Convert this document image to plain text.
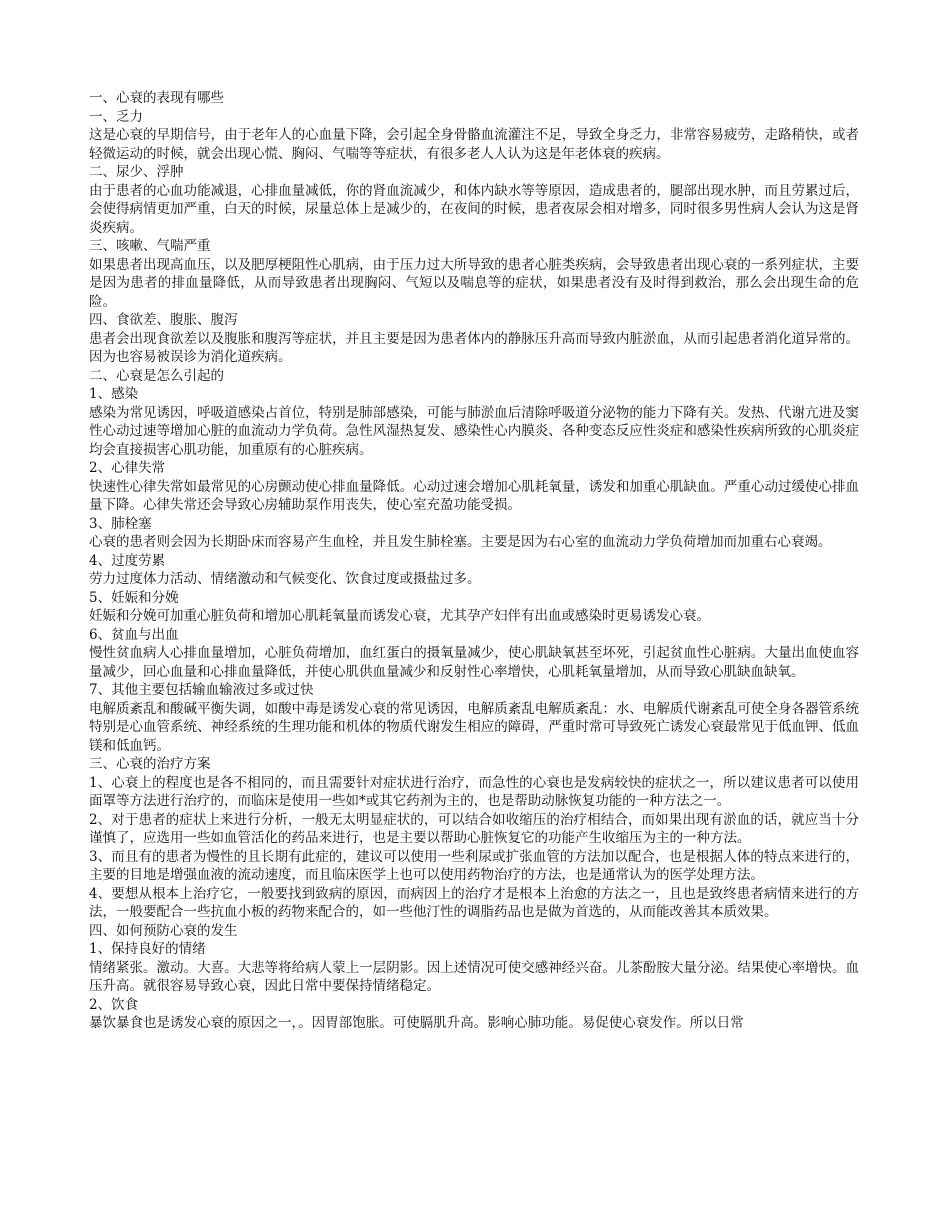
一、心衰的表现有哪些

一、乏力

这是心衰的早期信号，由于老年人的心血量下降，会引起全身骨骼血流灌注不足，导致全身乏力，非常容易疲劳，走路稍快，或者轻微运动的时候，就会出现心慌、胸闷、气喘等等症状，有很多老人人认为这是年老体衰的疾病。

二、尿少、浮肿

由于患者的心血功能减退，心排血量减低，你的肾血流减少，和体内缺水等等原因，造成患者的，腿部出现水肿，而且劳累过后，会使得病情更加严重，白天的时候，尿量总体上是减少的，在夜间的时候，患者夜尿会相对增多，同时很多男性病人会认为这是肾炎疾病。

三、咳嗽、气喘严重

如果患者出现高血压，以及肥厚梗阻性心肌病，由于压力过大所导致的患者心脏类疾病，会导致患者出现心衰的一系列症状，主要是因为患者的排血量降低，从而导致患者出现胸闷、气短以及喘息等的症状，如果患者没有及时得到救治，那么会出现生命的危险。

四、食欲差、腹胀、腹泻

患者会出现食欲差以及腹胀和腹泻等症状，并且主要是因为患者体内的静脉压升高而导致内脏淤血，从而引起患者消化道异常的。因为也容易被误诊为消化道疾病。

二、心衰是怎么引起的

1、感染

感染为常见诱因，呼吸道感染占首位，特别是肺部感染，可能与肺淤血后清除呼吸道分泌物的能力下降有关。发热、代谢亢进及窦性心动过速等增加心脏的血流动力学负荷。急性风湿热复发、感染性心内膜炎、各种变态反应性炎症和感染性疾病所致的心肌炎症均会直接损害心肌功能，加重原有的心脏疾病。

2、心律失常

快速性心律失常如最常见的心房颤动使心排血量降低。心动过速会增加心肌耗氧量，诱发和加重心肌缺血。严重心动过缓使心排血量下降。心律失常还会导致心房辅助泵作用丧失，使心室充盈功能受损。

3、肺栓塞

心衰的患者则会因为长期卧床而容易产生血栓，并且发生肺栓塞。主要是因为右心室的血流动力学负荷增加而加重右心衰竭。

4、过度劳累

劳力过度体力活动、情绪激动和气候变化、饮食过度或摄盐过多。

5、妊娠和分娩

妊娠和分娩可加重心脏负荷和增加心肌耗氧量而诱发心衰，尤其孕产妇伴有出血或感染时更易诱发心衰。

6、贫血与出血

慢性贫血病人心排血量增加，心脏负荷增加，血红蛋白的摄氧量减少，使心肌缺氧甚至坏死，引起贫血性心脏病。大量出血使血容量减少，回心血量和心排血量降低，并使心肌供血量减少和反射性心率增快，心肌耗氧量增加，从而导致心肌缺血缺氧。

7、其他主要包括输血输液过多或过快

电解质紊乱和酸碱平衡失调，如酸中毒是诱发心衰的常见诱因，电解质紊乱电解质紊乱：水、电解质代谢紊乱可使全身各器管系统特别是心血管系统、神经系统的生理功能和机体的物质代谢发生相应的障碍，严重时常可导致死亡诱发心衰最常见于低血钾、低血镁和低血钙。

三、心衰的治疗方案

1、心衰上的程度也是各不相同的，而且需要针对症状进行治疗，而急性的心衰也是发病较快的症状之一，所以建议患者可以使用面罩等方法进行治疗的，而临床是使用一些如*或其它药剂为主的，也是帮助动脉恢复功能的一种方法之一。

2、对于患者的症状上来进行分析，一般无太明显症状的，可以结合如收缩压的治疗相结合，而如果出现有淤血的话，就应当十分谨慎了，应选用一些如血管活化的药品来进行，也是主要以帮助心脏恢复它的功能产生收缩压为主的一种方法。

3、而且有的患者为慢性的且长期有此症的，建议可以使用一些利尿或扩张血管的方法加以配合，也是根据人体的特点来进行的，主要的目地是增强血液的流动速度，而且临床医学上也可以使用药物治疗的方法，也是通常认为的医学处理方法。

4、要想从根本上治疗它，一般要找到致病的原因，而病因上的治疗才是根本上治愈的方法之一，且也是致终患者病情来进行的方法，一般要配合一些抗血小板的药物来配合的，如一些他汀性的调脂药品也是做为首选的，从而能改善其本质效果。

四、如何预防心衰的发生

1、保持良好的情绪

情绪紧张。激动。大喜。大悲等将给病人蒙上一层阴影。因上述情况可使交感神经兴奋。儿茶酚胺大量分泌。结果使心率增快。血压升高。就很容易导致心衰，因此日常中要保持情绪稳定。

2、饮食

暴饮暴食也是诱发心衰的原因之一，。因胃部饱胀。可使膈肌升高。影响心肺功能。易促使心衰发作。所以日常
